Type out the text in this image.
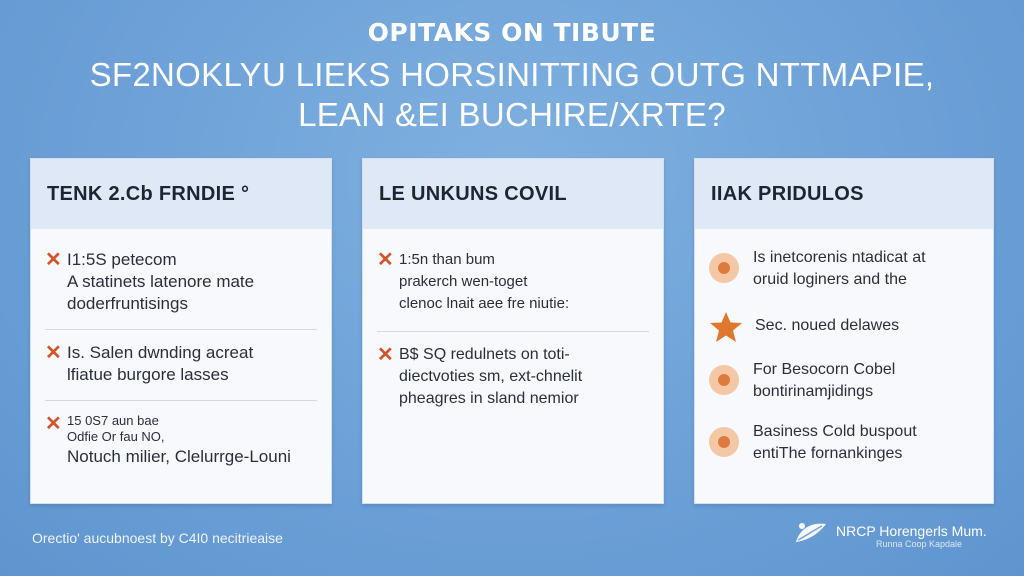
OPITAKS ON TIBUTE
SF2NOKLYU LIEKS HORSINITTING OUTG NTTMAPIE,
LEAN &EI BUCHIRE/XRTE?
TENK 2.Cb FRNDIE °
✕ I1:5S petecom
A statinets latenore mate
doderfruntisings
✕ Is. Salen dwnding acreat
lfiatue burgore lasses
✕ 15 0S7 aun bae
Odfie Or fau NO,
Notuch milier, Clelurrge-Louni
LE UNKUNS COVIL
✕ 1:5n than bum
prakerch wen-toget
clenoc lnait aee fre niutie:
✕ B$ SQ redulnets on toti-
diectvoties sm, ext-chnelit
pheagres in sland nemior
IIAK PRIDULOS
Is inetcorenis ntadicat at
oruid loginers and the
Sec. noued delawes
For Besocorn Cobel
bontirinamjidings
Basiness Cold buspout
entiThe fornankinges
Orectio' aucubnoest by C4I0 necitrieaise	NRCP Horengerls Mum.
Runna Coop Kapdale
